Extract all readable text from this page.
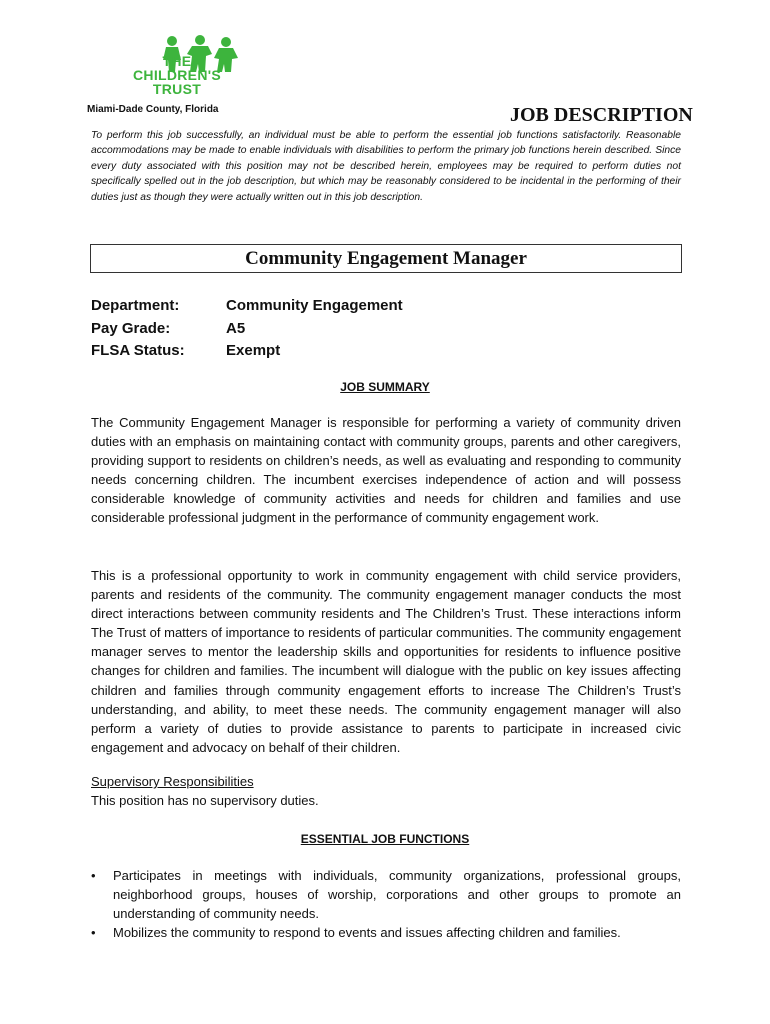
THE
CHILDREN'S
TRUST
Miami-Dade County, Florida	JOB DESCRIPTION
To perform this job successfully, an individual must be able to perform the essential job functions satisfactorily. Reasonable accommodations may be made to enable individuals with disabilities to perform the primary job functions herein described. Since every duty associated with this position may not be described herein, employees may be required to perform duties not specifically spelled out in the job description, but which may be reasonably considered to be incidental in the performing of their duties just as though they were actually written out in this job description.
Community Engagement Manager
Department:	Community Engagement
Pay Grade:	A5
FLSA Status:	Exempt
JOB SUMMARY
The Community Engagement Manager is responsible for performing a variety of community driven duties with an emphasis on maintaining contact with community groups, parents and other caregivers, providing support to residents on children’s needs, as well as evaluating and responding to community needs concerning children. The incumbent exercises independence of action and will possess considerable knowledge of community activities and needs for children and families and use considerable professional judgment in the performance of community engagement work.
This is a professional opportunity to work in community engagement with child service providers, parents and residents of the community. The community engagement manager conducts the most direct interactions between community residents and The Children’s Trust. These interactions inform The Trust of matters of importance to residents of particular communities. The community engagement manager serves to mentor the leadership skills and opportunities for residents to influence positive changes for children and families. The incumbent will dialogue with the public on key issues affecting children and families through community engagement efforts to increase The Children’s Trust’s understanding, and ability, to meet these needs. The community engagement manager will also perform a variety of duties to provide assistance to parents to participate in increased civic engagement and advocacy on behalf of their children.
Supervisory Responsibilities
This position has no supervisory duties.
ESSENTIAL JOB FUNCTIONS
• Participates in meetings with individuals, community organizations, professional groups, neighborhood groups, houses of worship, corporations and other groups to promote an understanding of community needs.
• Mobilizes the community to respond to events and issues affecting children and families.
